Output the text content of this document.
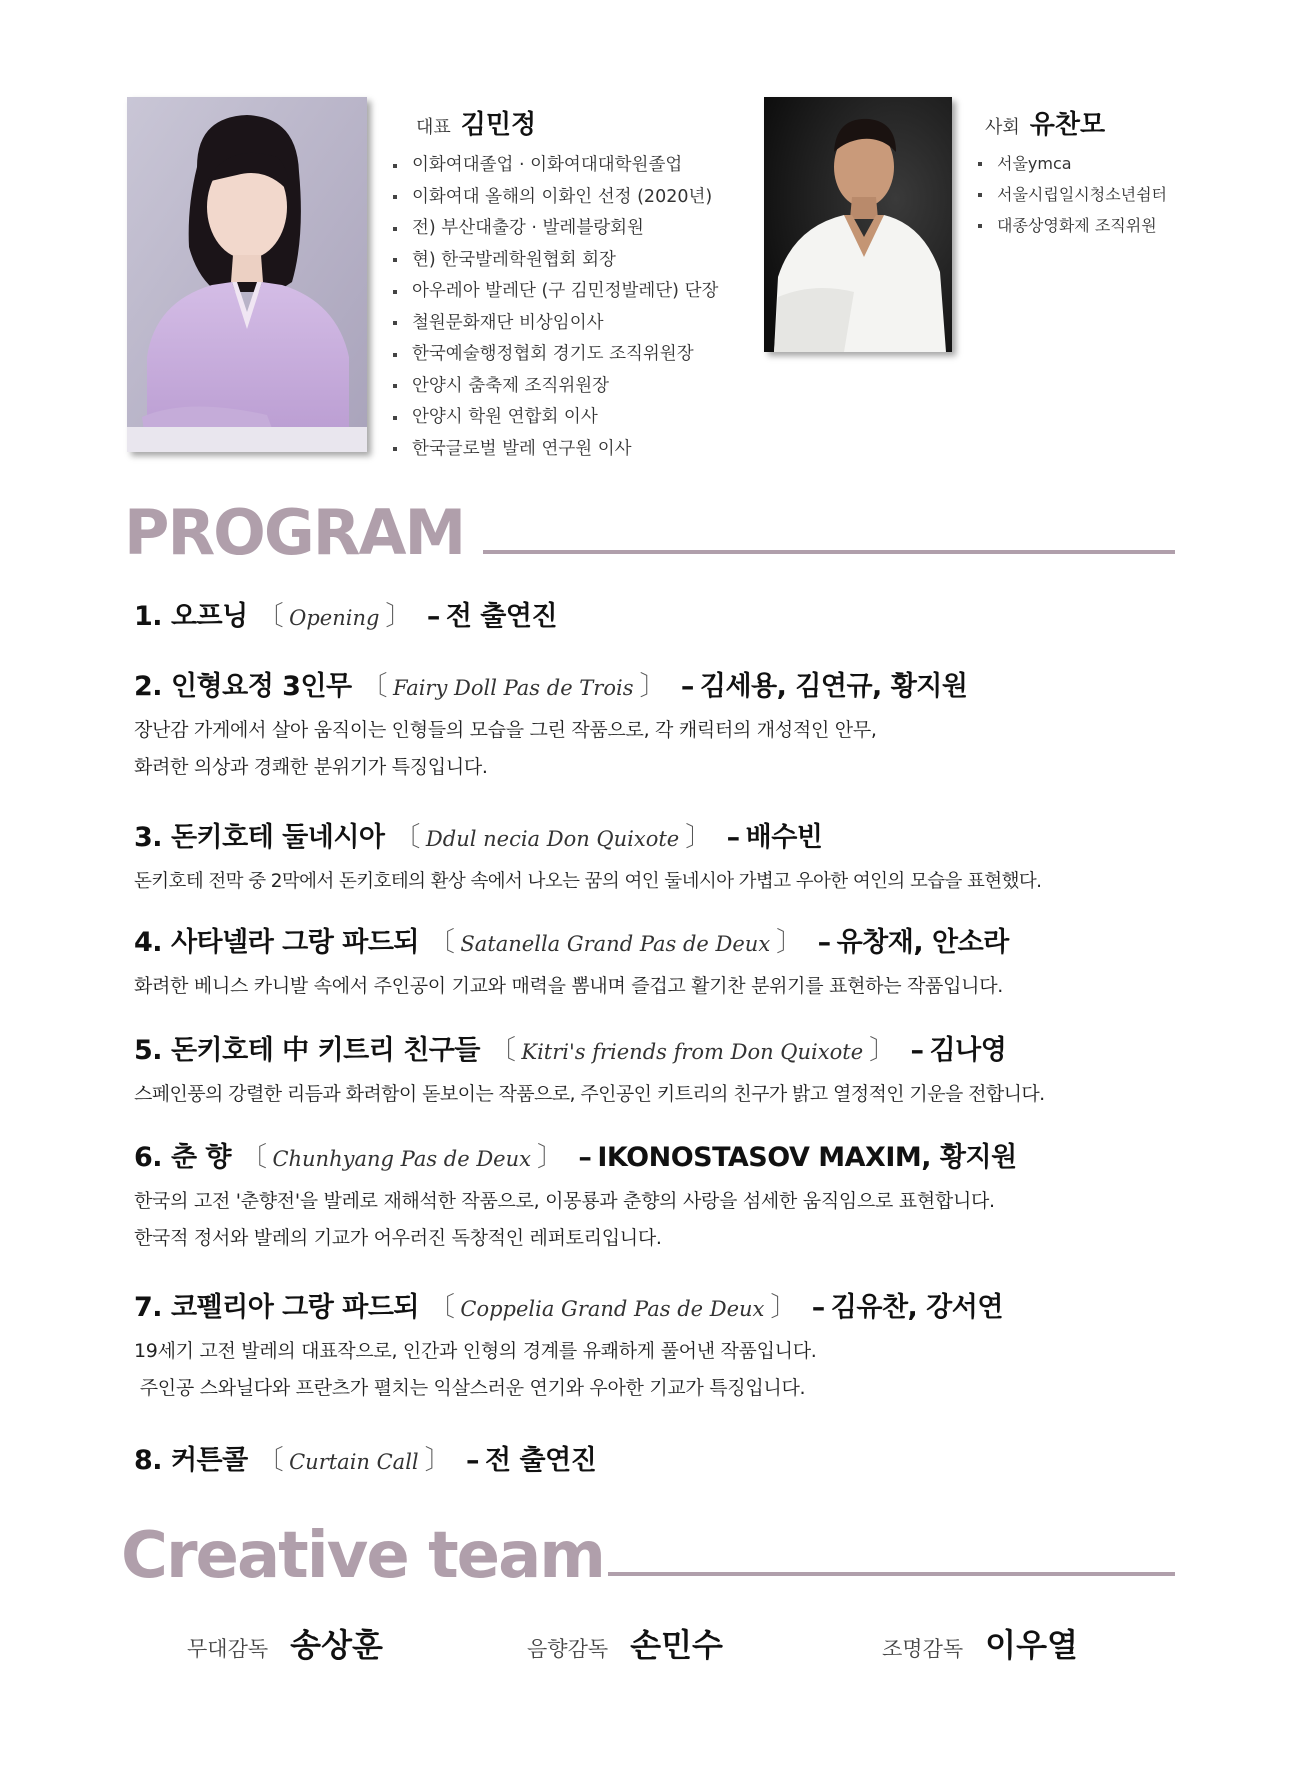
대표 김민정
이화여대졸업 · 이화여대대학원졸업
이화여대 올해의 이화인 선정 (2020년)
전) 부산대출강 · 발레블랑회원
현) 한국발레학원협회 회장
아우레아 발레단 (구 김민정발레단) 단장
철원문화재단 비상임이사
한국예술행정협회 경기도 조직위원장
안양시 춤축제 조직위원장
안양시 학원 연합회 이사
한국글로벌 발레 연구원 이사
사회 유찬모
서울ymca
서울시립일시청소년쉼터
대종상영화제 조직위원
PROGRAM
1. 오프닝 〔 Opening 〕 – 전 출연진
2. 인형요정 3인무 〔 Fairy Doll Pas de Trois 〕 – 김세용, 김연규, 황지원
장난감 가게에서 살아 움직이는 인형들의 모습을 그린 작품으로, 각 캐릭터의 개성적인 안무,
화려한 의상과 경쾌한 분위기가 특징입니다.
3. 돈키호테 둘네시아 〔 Ddul necia Don Quixote 〕 – 배수빈
돈키호테 전막 중 2막에서 돈키호테의 환상 속에서 나오는 꿈의 여인 둘네시아 가볍고 우아한 여인의 모습을 표현했다.
4. 사타넬라 그랑 파드되 〔 Satanella Grand Pas de Deux 〕 – 유창재, 안소라
화려한 베니스 카니발 속에서 주인공이 기교와 매력을 뽐내며 즐겁고 활기찬 분위기를 표현하는 작품입니다.
5. 돈키호테 中 키트리 친구들 〔 Kitri's friends from Don Quixote 〕 – 김나영
스페인풍의 강렬한 리듬과 화려함이 돋보이는 작품으로, 주인공인 키트리의 친구가 밝고 열정적인 기운을 전합니다.
6. 춘 향 〔 Chunhyang Pas de Deux 〕 – IKONOSTASOV MAXIM, 황지원
한국의 고전 '춘향전'을 발레로 재해석한 작품으로, 이몽룡과 춘향의 사랑을 섬세한 움직임으로 표현합니다.
한국적 정서와 발레의 기교가 어우러진 독창적인 레퍼토리입니다.
7. 코펠리아 그랑 파드되 〔 Coppelia Grand Pas de Deux 〕 – 김유찬, 강서연
19세기 고전 발레의 대표작으로, 인간과 인형의 경계를 유쾌하게 풀어낸 작품입니다.
주인공 스와닐다와 프란츠가 펼치는 익살스러운 연기와 우아한 기교가 특징입니다.
8. 커튼콜 〔 Curtain Call 〕 – 전 출연진
Creative team
무대감독 송상훈	음향감독 손민수	조명감독 이우열
